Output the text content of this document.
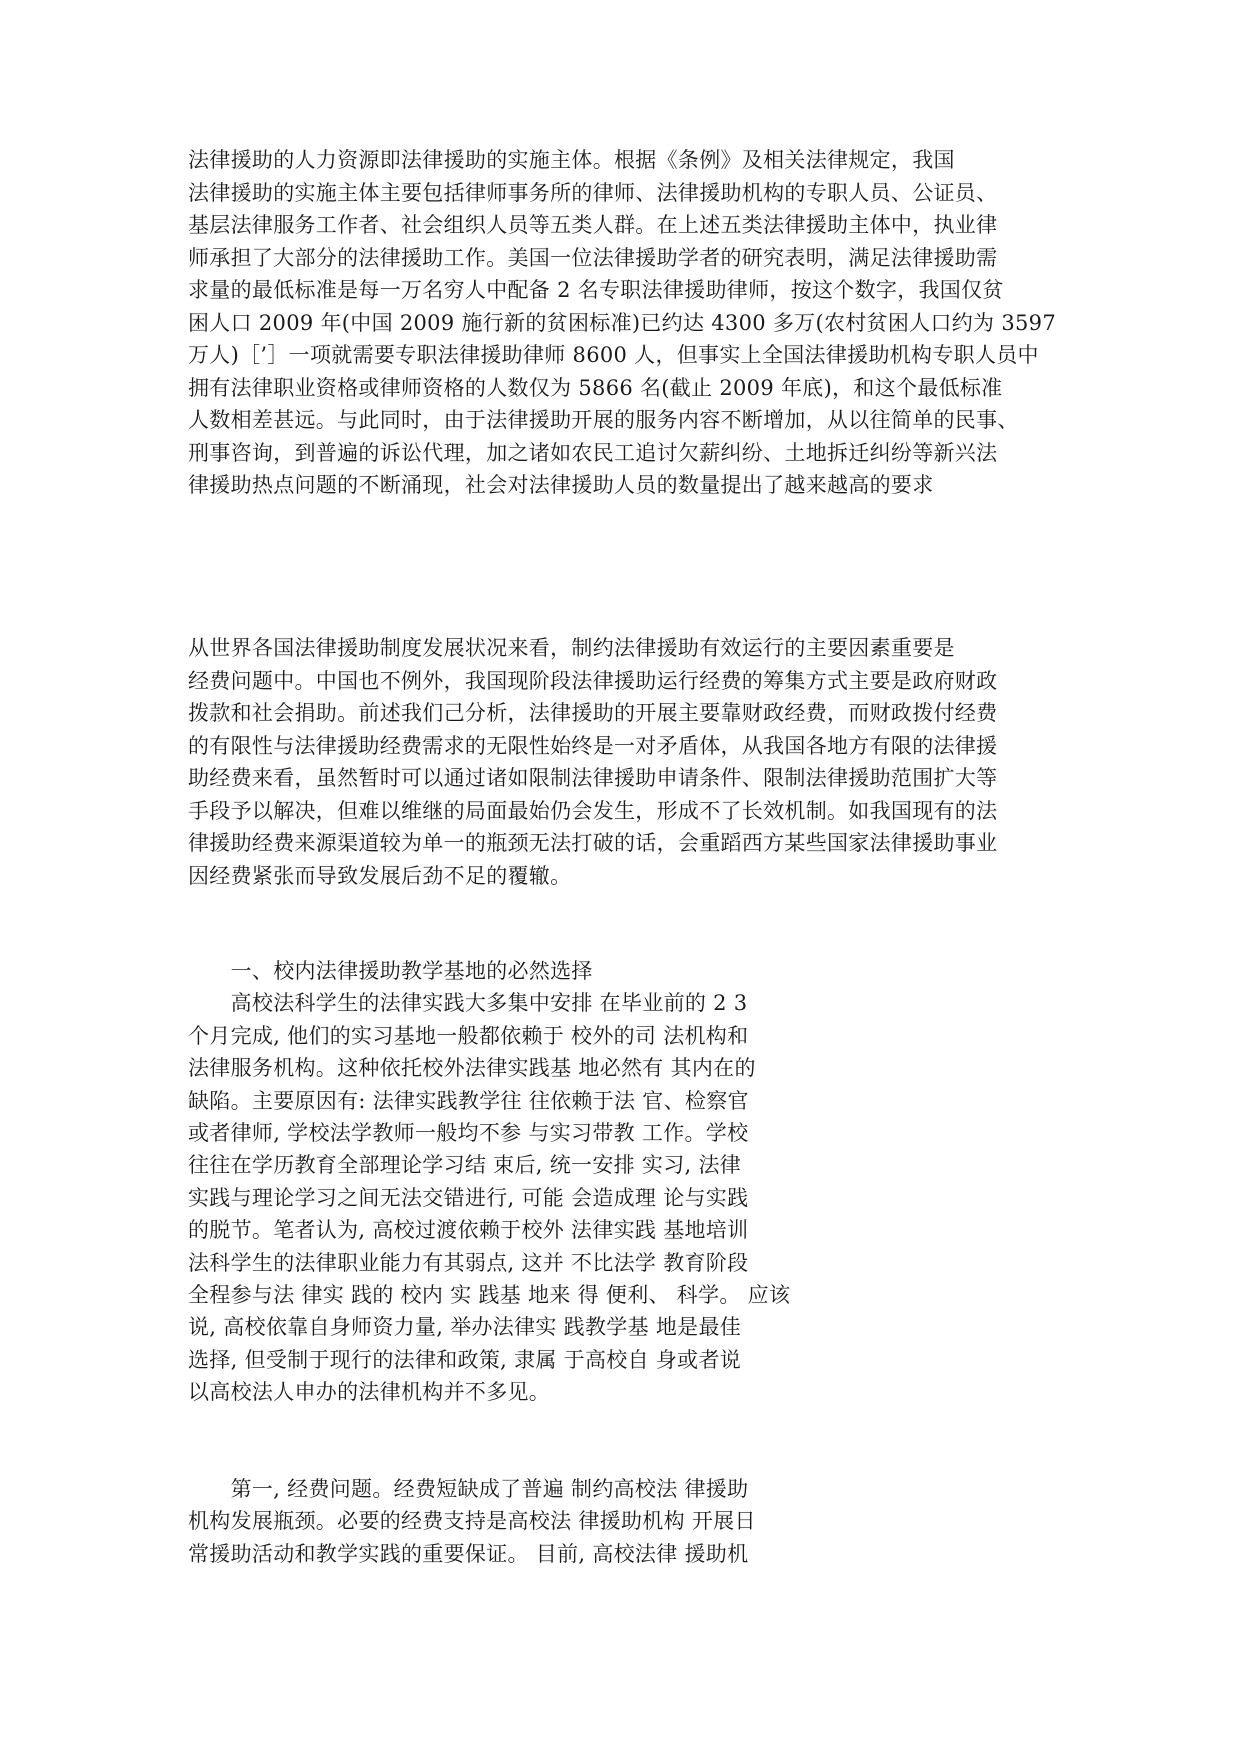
法律援助的人力资源即法律援助的实施主体。根据《条例》及相关法律规定，我国

法律援助的实施主体主要包括律师事务所的律师、法律援助机构的专职人员、公证员、

基层法律服务工作者、社会组织人员等五类人群。在上述五类法律援助主体中，执业律

师承担了大部分的法律援助工作。美国一位法律援助学者的研究表明，满足法律援助需

求量的最低标准是每一万名穷人中配备 2 名专职法律援助律师，按这个数字，我国仅贫

困人口 2009 年(中国 2009 施行新的贫困标准)已约达 4300 多万(农村贫困人口约为 3597

万人)［’］一项就需要专职法律援助律师 8600 人，但事实上全国法律援助机构专职人员中

拥有法律职业资格或律师资格的人数仅为 5866 名(截止 2009 年底)，和这个最低标准

人数相差甚远。与此同时，由于法律援助开展的服务内容不断增加，从以往简单的民事、

刑事咨询，到普遍的诉讼代理，加之诸如农民工追讨欠薪纠纷、土地拆迁纠纷等新兴法

律援助热点问题的不断涌现，社会对法律援助人员的数量提出了越来越高的要求

从世界各国法律援助制度发展状况来看，制约法律援助有效运行的主要因素重要是

经费问题中。中国也不例外，我国现阶段法律援助运行经费的筹集方式主要是政府财政

拨款和社会捐助。前述我们己分析，法律援助的开展主要靠财政经费，而财政拨付经费

的有限性与法律援助经费需求的无限性始终是一对矛盾体，从我国各地方有限的法律援

助经费来看，虽然暂时可以通过诸如限制法律援助申请条件、限制法律援助范围扩大等

手段予以解决，但难以维继的局面最始仍会发生，形成不了长效机制。如我国现有的法

律援助经费来源渠道较为单一的瓶颈无法打破的话，会重蹈西方某些国家法律援助事业

因经费紧张而导致发展后劲不足的覆辙。

　　一、校内法律援助教学基地的必然选择

　　高校法科学生的法律实践大多集中安排 在毕业前的 2 3

个月完成, 他们的实习基地一般都依赖于 校外的司 法机构和

法律服务机构。这种依托校外法律实践基 地必然有 其内在的

缺陷。主要原因有: 法律实践教学往 往依赖于法 官、检察官

或者律师, 学校法学教师一般均不参 与实习带教 工作。学校

往往在学历教育全部理论学习结 束后, 统一安排 实习, 法律

实践与理论学习之间无法交错进行, 可能 会造成理 论与实践

的脱节。笔者认为, 高校过渡依赖于校外 法律实践 基地培训

法科学生的法律职业能力有其弱点, 这并 不比法学 教育阶段

全程参与法 律实 践的 校内 实 践基 地来 得 便利、 科学。 应该

说, 高校依靠自身师资力量, 举办法律实 践教学基 地是最佳

选择, 但受制于现行的法律和政策, 隶属 于高校自 身或者说

以高校法人申办的法律机构并不多见。

　　第一, 经费问题。经费短缺成了普遍 制约高校法 律援助

机构发展瓶颈。必要的经费支持是高校法 律援助机构 开展日

常援助活动和教学实践的重要保证。 目前, 高校法律 援助机
